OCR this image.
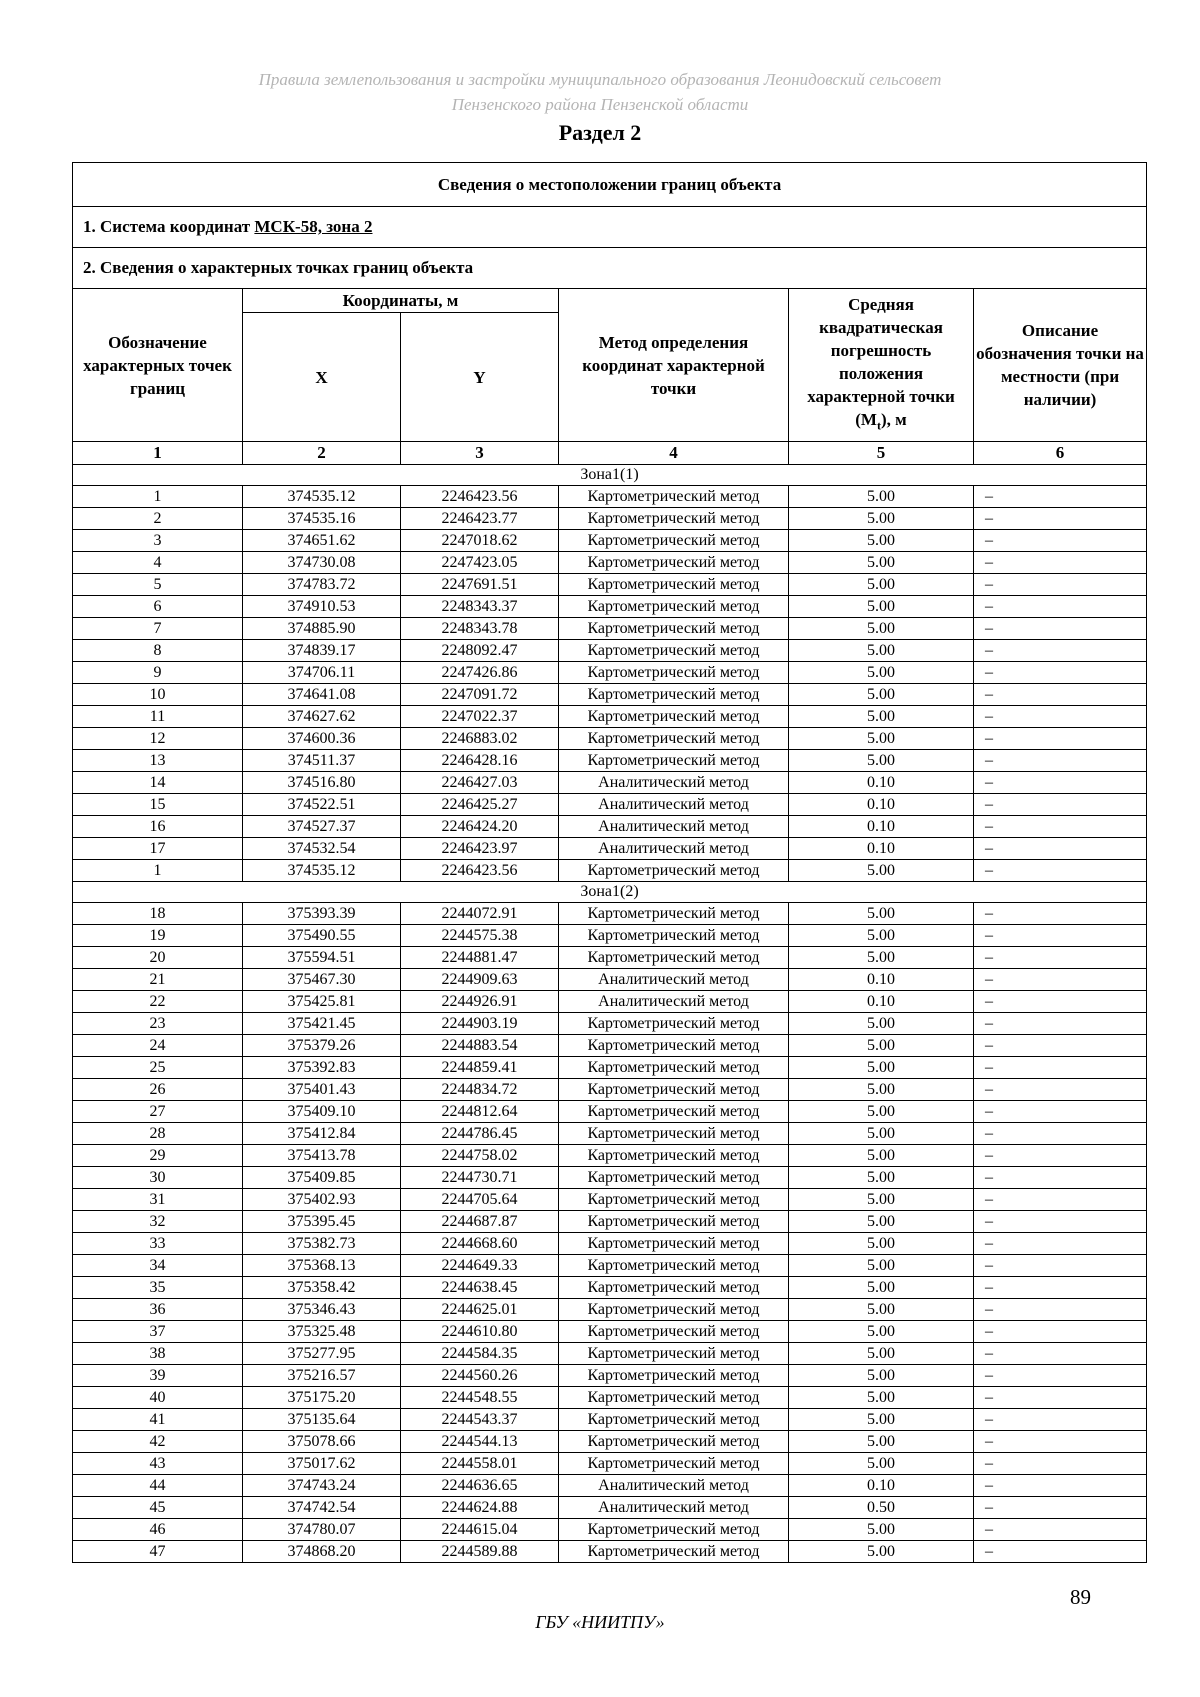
Правила землепользования и застройки муниципального образования Леонидовский сельсовет
Пензенского района Пензенской области
Раздел 2
Сведения о местоположении границ объекта					
1. Система координат МСК-58, зона 2					
2. Сведения о характерных точках границ объекта					
Обозначение характерных точек границ	Координаты, м		Метод определения координат характерной точки	Средняя квадратическая погрешность положения характерной точки $(M_t)$, м	Описание обозначения точки на местности (при наличии)
	X	Y			
1	2	3	4	5	6
Зона1(1)					
1	374535.12	2246423.56	Картометрический метод	5.00	–
2	374535.16	2246423.77	Картометрический метод	5.00	–
3	374651.62	2247018.62	Картометрический метод	5.00	–
4	374730.08	2247423.05	Картометрический метод	5.00	–
5	374783.72	2247691.51	Картометрический метод	5.00	–
6	374910.53	2248343.37	Картометрический метод	5.00	–
7	374885.90	2248343.78	Картометрический метод	5.00	–
8	374839.17	2248092.47	Картометрический метод	5.00	–
9	374706.11	2247426.86	Картометрический метод	5.00	–
10	374641.08	2247091.72	Картометрический метод	5.00	–
11	374627.62	2247022.37	Картометрический метод	5.00	–
12	374600.36	2246883.02	Картометрический метод	5.00	–
13	374511.37	2246428.16	Картометрический метод	5.00	–
14	374516.80	2246427.03	Аналитический метод	0.10	–
15	374522.51	2246425.27	Аналитический метод	0.10	–
16	374527.37	2246424.20	Аналитический метод	0.10	–
17	374532.54	2246423.97	Аналитический метод	0.10	–
1	374535.12	2246423.56	Картометрический метод	5.00	–
Зона1(2)					
18	375393.39	2244072.91	Картометрический метод	5.00	–
19	375490.55	2244575.38	Картометрический метод	5.00	–
20	375594.51	2244881.47	Картометрический метод	5.00	–
21	375467.30	2244909.63	Аналитический метод	0.10	–
22	375425.81	2244926.91	Аналитический метод	0.10	–
23	375421.45	2244903.19	Картометрический метод	5.00	–
24	375379.26	2244883.54	Картометрический метод	5.00	–
25	375392.83	2244859.41	Картометрический метод	5.00	–
26	375401.43	2244834.72	Картометрический метод	5.00	–
27	375409.10	2244812.64	Картометрический метод	5.00	–
28	375412.84	2244786.45	Картометрический метод	5.00	–
29	375413.78	2244758.02	Картометрический метод	5.00	–
30	375409.85	2244730.71	Картометрический метод	5.00	–
31	375402.93	2244705.64	Картометрический метод	5.00	–
32	375395.45	2244687.87	Картометрический метод	5.00	–
33	375382.73	2244668.60	Картометрический метод	5.00	–
34	375368.13	2244649.33	Картометрический метод	5.00	–
35	375358.42	2244638.45	Картометрический метод	5.00	–
36	375346.43	2244625.01	Картометрический метод	5.00	–
37	375325.48	2244610.80	Картометрический метод	5.00	–
38	375277.95	2244584.35	Картометрический метод	5.00	–
39	375216.57	2244560.26	Картометрический метод	5.00	–
40	375175.20	2244548.55	Картометрический метод	5.00	–
41	375135.64	2244543.37	Картометрический метод	5.00	–
42	375078.66	2244544.13	Картометрический метод	5.00	–
43	375017.62	2244558.01	Картометрический метод	5.00	–
44	374743.24	2244636.65	Аналитический метод	0.10	–
45	374742.54	2244624.88	Аналитический метод	0.50	–
46	374780.07	2244615.04	Картометрический метод	5.00	–
47	374868.20	2244589.88	Картометрический метод	5.00	–
89
ГБУ «НИИТПУ»
